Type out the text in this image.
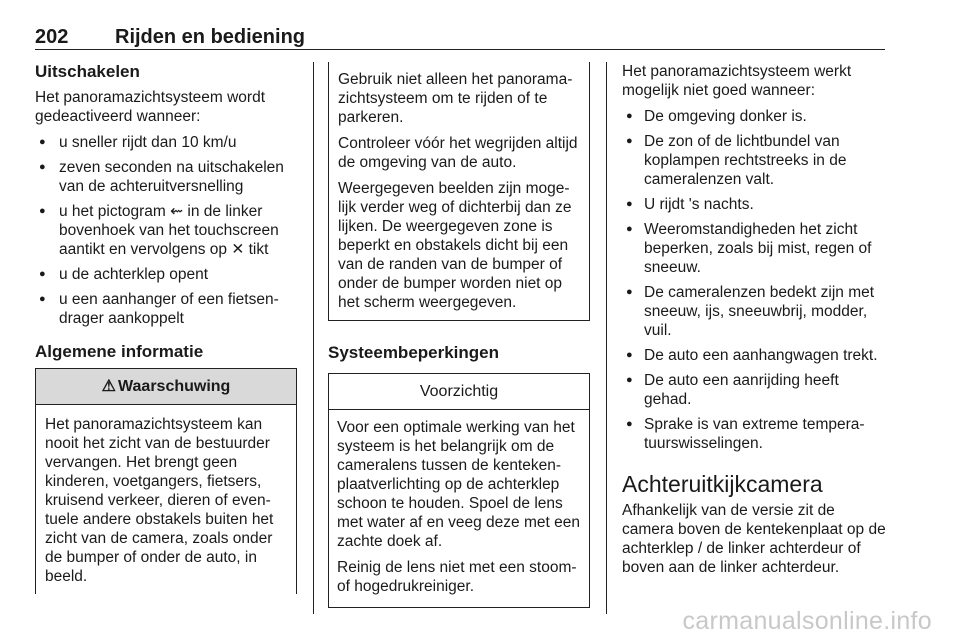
202 Rijden en bediening
Uitschakelen

Het panoramazichtsysteem wordt gedeactiveerd wanneer:

● u sneller rijdt dan 10 km/u
● zeven seconden na uitschakelen van de achteruitversnelling
● u het pictogram ⇜ in de linker bovenhoek van het touchscreen aantikt en vervolgens op ✕ tikt
● u de achterklep opent
● u een aanhanger of een fietsen-drager aankoppelt
Algemene informatie
⚠ Waarschuwing
Het panoramazichtsysteem kan nooit het zicht van de bestuurder vervangen. Het brengt geen kinderen, voetgangers, fietsers, kruisend verkeer, dieren of even-tuele andere obstakels buiten het zicht van de camera, zoals onder de bumper of onder de auto, in beeld.

Gebruik niet alleen het panorama-zichtsysteem om te rijden of te parkeren.

Controleer vóór het wegrijden altijd de omgeving van de auto.

Weergegeven beelden zijn moge-lijk verder weg of dichterbij dan ze lijken. De weergegeven zone is beperkt en obstakels dicht bij een van de randen van de bumper of onder de bumper worden niet op het scherm weergegeven.

Systeembeperkingen
Voorzichtig

Voor een optimale werking van het systeem is het belangrijk om de cameralens tussen de kenteken-plaatverlichting op de achterklep schoon te houden. Spoel de lens met water af en veeg deze met een zachte doek af.

Reinig de lens niet met een stoom- of hogedrukreiniger.

Het panoramazichtsysteem werkt mogelijk niet goed wanneer:

● De omgeving donker is.
● De zon of de lichtbundel van koplampen rechtstreeks in de cameralenzen valt.
● U rijdt 's nachts.
● Weeromstandigheden het zicht beperken, zoals bij mist, regen of sneeuw.
● De cameralenzen bedekt zijn met sneeuw, ijs, sneeuwbrij, modder, vuil.
● De auto een aanhangwagen trekt.
● De auto een aanrijding heeft gehad.
● Sprake is van extreme tempera-tuurswisselingen.
Achteruitkijkcamera

Afhankelijk van de versie zit de camera boven de kentekenplaat op de achterklep / de linker achterdeur of boven aan de linker achterdeur.

carmanualsonline.info
